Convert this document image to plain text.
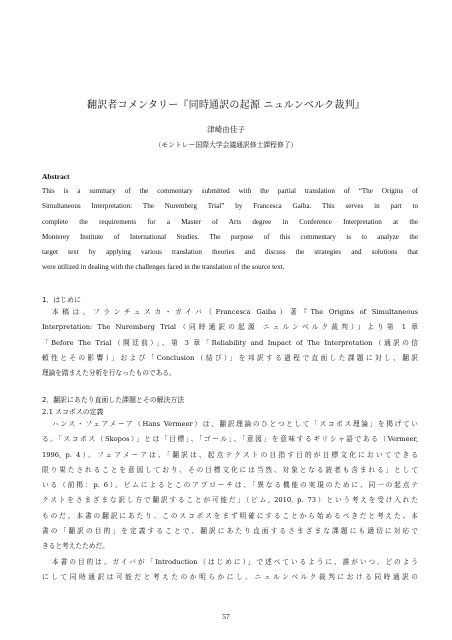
翻訳者コメンタリー『同時通訳の起源 ニュルンベルク裁判』
津崎由佳子
（モントレー国際大学会議通訳修士課程修了）
Abstract
This is a summary of the commentary submitted with the partial translation of “The Origins of
Simultaneous Interpretation: The Nuremberg Trial” by Francesca Gaiba. This serves in part to
complete the requirements for a Master of Arts degree in Conference Interpretation at the
Monterey Institute of International Studies. The purpose of this commentary is to analyze the
target text by applying various translation theories and discuss the strategies and solutions that
were utilized in dealing with the challenges faced in the translation of the source text.
1．はじめに
本稿は、フランチェスカ・ガイバ（Francesca Gaiba）著『The Origins of Simultaneous
Interpretation: The Nuremberg Trial（同時通訳の起源 ニュルンベルク裁判）』より第 1 章
「Before The Trial（開廷前）」、第 3 章「Reliability and Impact of The Interpretation（通訳の信
頼性とその影響）」および「Conclusion（結び）」を邦訳する過程で直面した課題に対し、翻訳
理論を踏まえた分析を行なったものである。
2．翻訳にあたり直面した課題とその解決方法
2.1 スコポスの定義
ハンス・フェアメーア（Hans Vermeer）は、翻訳理論のひとつとして「スコポス理論」を掲げてい
る。「スコポス（Skopos）」とは「目標」、「ゴール」、「意図」を意味するギリシャ語である（Vermeer,
1996, p. 4）。フェアメーアは、「翻訳は、起点テクストの目指す目的が目標文化においてできる
限り果たされることを意図しており、その目標文化には当然、対象となる読者も含まれる」として
いる（前掲：p. 6）。ピムによるとこのアプローチは、「異なる機能の実現のために、同一の起点テ
クストをさまざまな訳し方で翻訳することが可能だ」（ピム, 2010, p. 73）という考えを受け入れた
ものだ。本書の翻訳にあたり、このスコポスをまず明確にすることから始めるべきだと考えた。本
書の「翻訳の目的」を定義することで、翻訳にあたり直面するさまざまな課題にも適切に対応で
きると考えたためだ。
本書の目的は、ガイバが「Introduction（はじめに）」で述べているように、誰がいつ、どのよう
にして同時通訳は可能だと考えたのか明らかにし、ニュルンベルク裁判における同時通訳の
57
